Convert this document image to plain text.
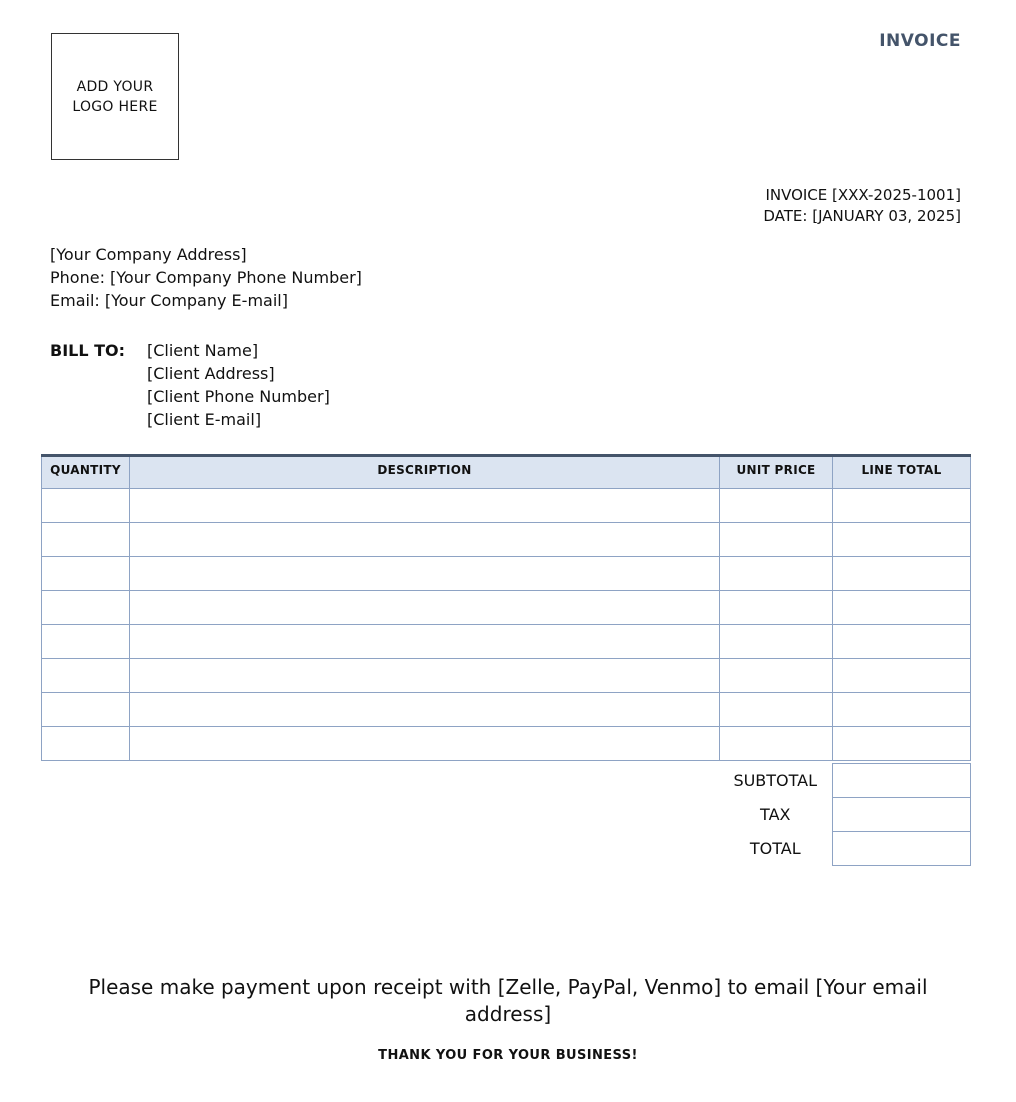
ADD YOUR
LOGO HERE
INVOICE
INVOICE [XXX-2025-1001]
DATE: [JANUARY 03, 2025]
[Your Company Address]
Phone: [Your Company Phone Number]
Email: [Your Company E-mail]
BILL TO: [Client Name]
[Client Address]
[Client Phone Number]
[Client E-mail]
QUANTITY	DESCRIPTION	UNIT PRICE	LINE TOTAL

SUBTOTAL	
TAX	
TOTAL	
Please make payment upon receipt with [Zelle, PayPal, Venmo] to email [Your email address]
THANK YOU FOR YOUR BUSINESS!
